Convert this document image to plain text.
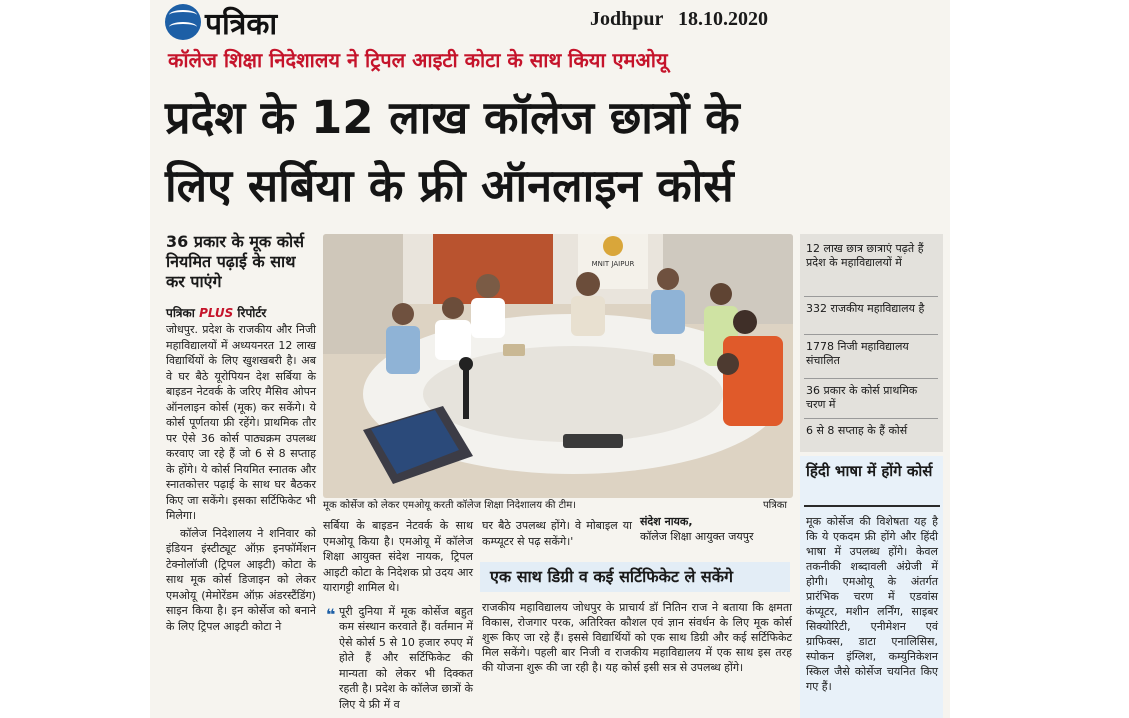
पत्रिका	Jodhpur   18.10.2020
कॉलेज शिक्षा निदेशालय ने ट्रिपल आइटी कोटा के साथ किया एमओयू
प्रदेश के 12 लाख कॉलेज छात्रों के
लिए सर्बिया के फ्री ऑनलाइन कोर्स
36 प्रकार के मूक कोर्स नियमित पढ़ाई के साथ कर पाएंगे
पत्रिका PLUS रिपोर्टर
जोधपुर. प्रदेश के राजकीय और निजी महाविद्यालयों में अध्ययनरत 12 लाख विद्यार्थियों के लिए खुशखबरी है। अब वे घर बैठे यूरोपियन देश सर्बिया के बाइडन नेटवर्क के जरिए मैसिव ओपन ऑनलाइन कोर्स (मूक) कर सकेंगे। ये कोर्स पूर्णतया फ्री रहेंगे। प्राथमिक तौर पर ऐसे 36 कोर्स पाठ्यक्रम उपलब्ध करवाए जा रहे हैं जो 6 से 8 सप्ताह के होंगे। ये कोर्स नियमित स्नातक और स्नातकोत्तर पढ़ाई के साथ घर बैठकर किए जा सकेंगे। इसका सर्टिफिकेट भी मिलेगा।
कॉलेज निदेशालय ने शनिवार को इंडियन इंस्टीट्यूट ऑफ़ इनफॉर्मेशन टेक्नोलॉजी (ट्रिपल आइटी) कोटा के साथ मूक कोर्स डिजाइन को लेकर एमओयू (मेमोरेंडम ऑफ़ अंडरस्टैंडिंग) साइन किया है। इन कोर्सेज को बनाने के लिए ट्रिपल आइटी कोटा ने
MNIT JAIPUR
मूक कोर्सेज को लेकर एमओयू करती कॉलेज शिक्षा निदेशालय की टीम।	पत्रिका
सर्बिया के बाइडन नेटवर्क के साथ एमओयू किया है। एमओयू में कॉलेज शिक्षा आयुक्त संदेश नायक, ट्रिपल आइटी कोटा के निदेशक प्रो उदय आर यारागट्टी शामिल थे।
पूरी दुनिया में मूक कोर्सेज बहुत कम संस्थान करवाते हैं। वर्तमान में ऐसे कोर्स 5 से 10 हजार रुपए में होते हैं और सर्टिफिकेट की मान्यता को लेकर भी दिक्कत रहती है। प्रदेश के कॉलेज छात्रों के लिए ये फ्री में व
❝
घर बैठे उपलब्ध होंगे। वे मोबाइल या कम्प्यूटर से पढ़ सकेंगे।'
संदेश नायक,
कॉलेज शिक्षा आयुक्त जयपुर
एक साथ डिग्री व कई सर्टिफिकेट ले सकेंगे
राजकीय महाविद्यालय जोधपुर के प्राचार्य डॉ नितिन राज ने बताया कि क्षमता विकास, रोजगार परक, अतिरिक्त कौशल एवं ज्ञान संवर्धन के लिए मूक कोर्स शुरू किए जा रहे हैं। इससे विद्यार्थियों को एक साथ डिग्री और कई सर्टिफिकेट मिल सकेंगे। पहली बार निजी व राजकीय महाविद्यालय में एक साथ इस तरह की योजना शुरू की जा रही है। यह कोर्स इसी सत्र से उपलब्ध होंगे।
12 लाख छात्र छात्राएं पढ़ते हैं प्रदेश के महाविद्यालयों में
332 राजकीय महाविद्यालय है
1778 निजी महाविद्यालय संचालित
36 प्रकार के कोर्स प्राथमिक चरण में
6 से 8 सप्ताह के हैं कोर्स
हिंदी भाषा में होंगे कोर्स
मूक कोर्सेज की विशेषता यह है कि ये एकदम फ्री होंगे और हिंदी भाषा में उपलब्ध होंगे। केवल तकनीकी शब्दावली अंग्रेजी में होगी। एमओयू के अंतर्गत प्रारंभिक चरण में एडवांस कंप्यूटर, मशीन लर्निंग, साइबर सिक्योरिटी, एनीमेशन एवं ग्राफिक्स, डाटा एनालिसिस, स्पोकन इंग्लिश, कम्युनिकेशन स्किल जैसे कोर्सेज चयनित किए गए हैं।
